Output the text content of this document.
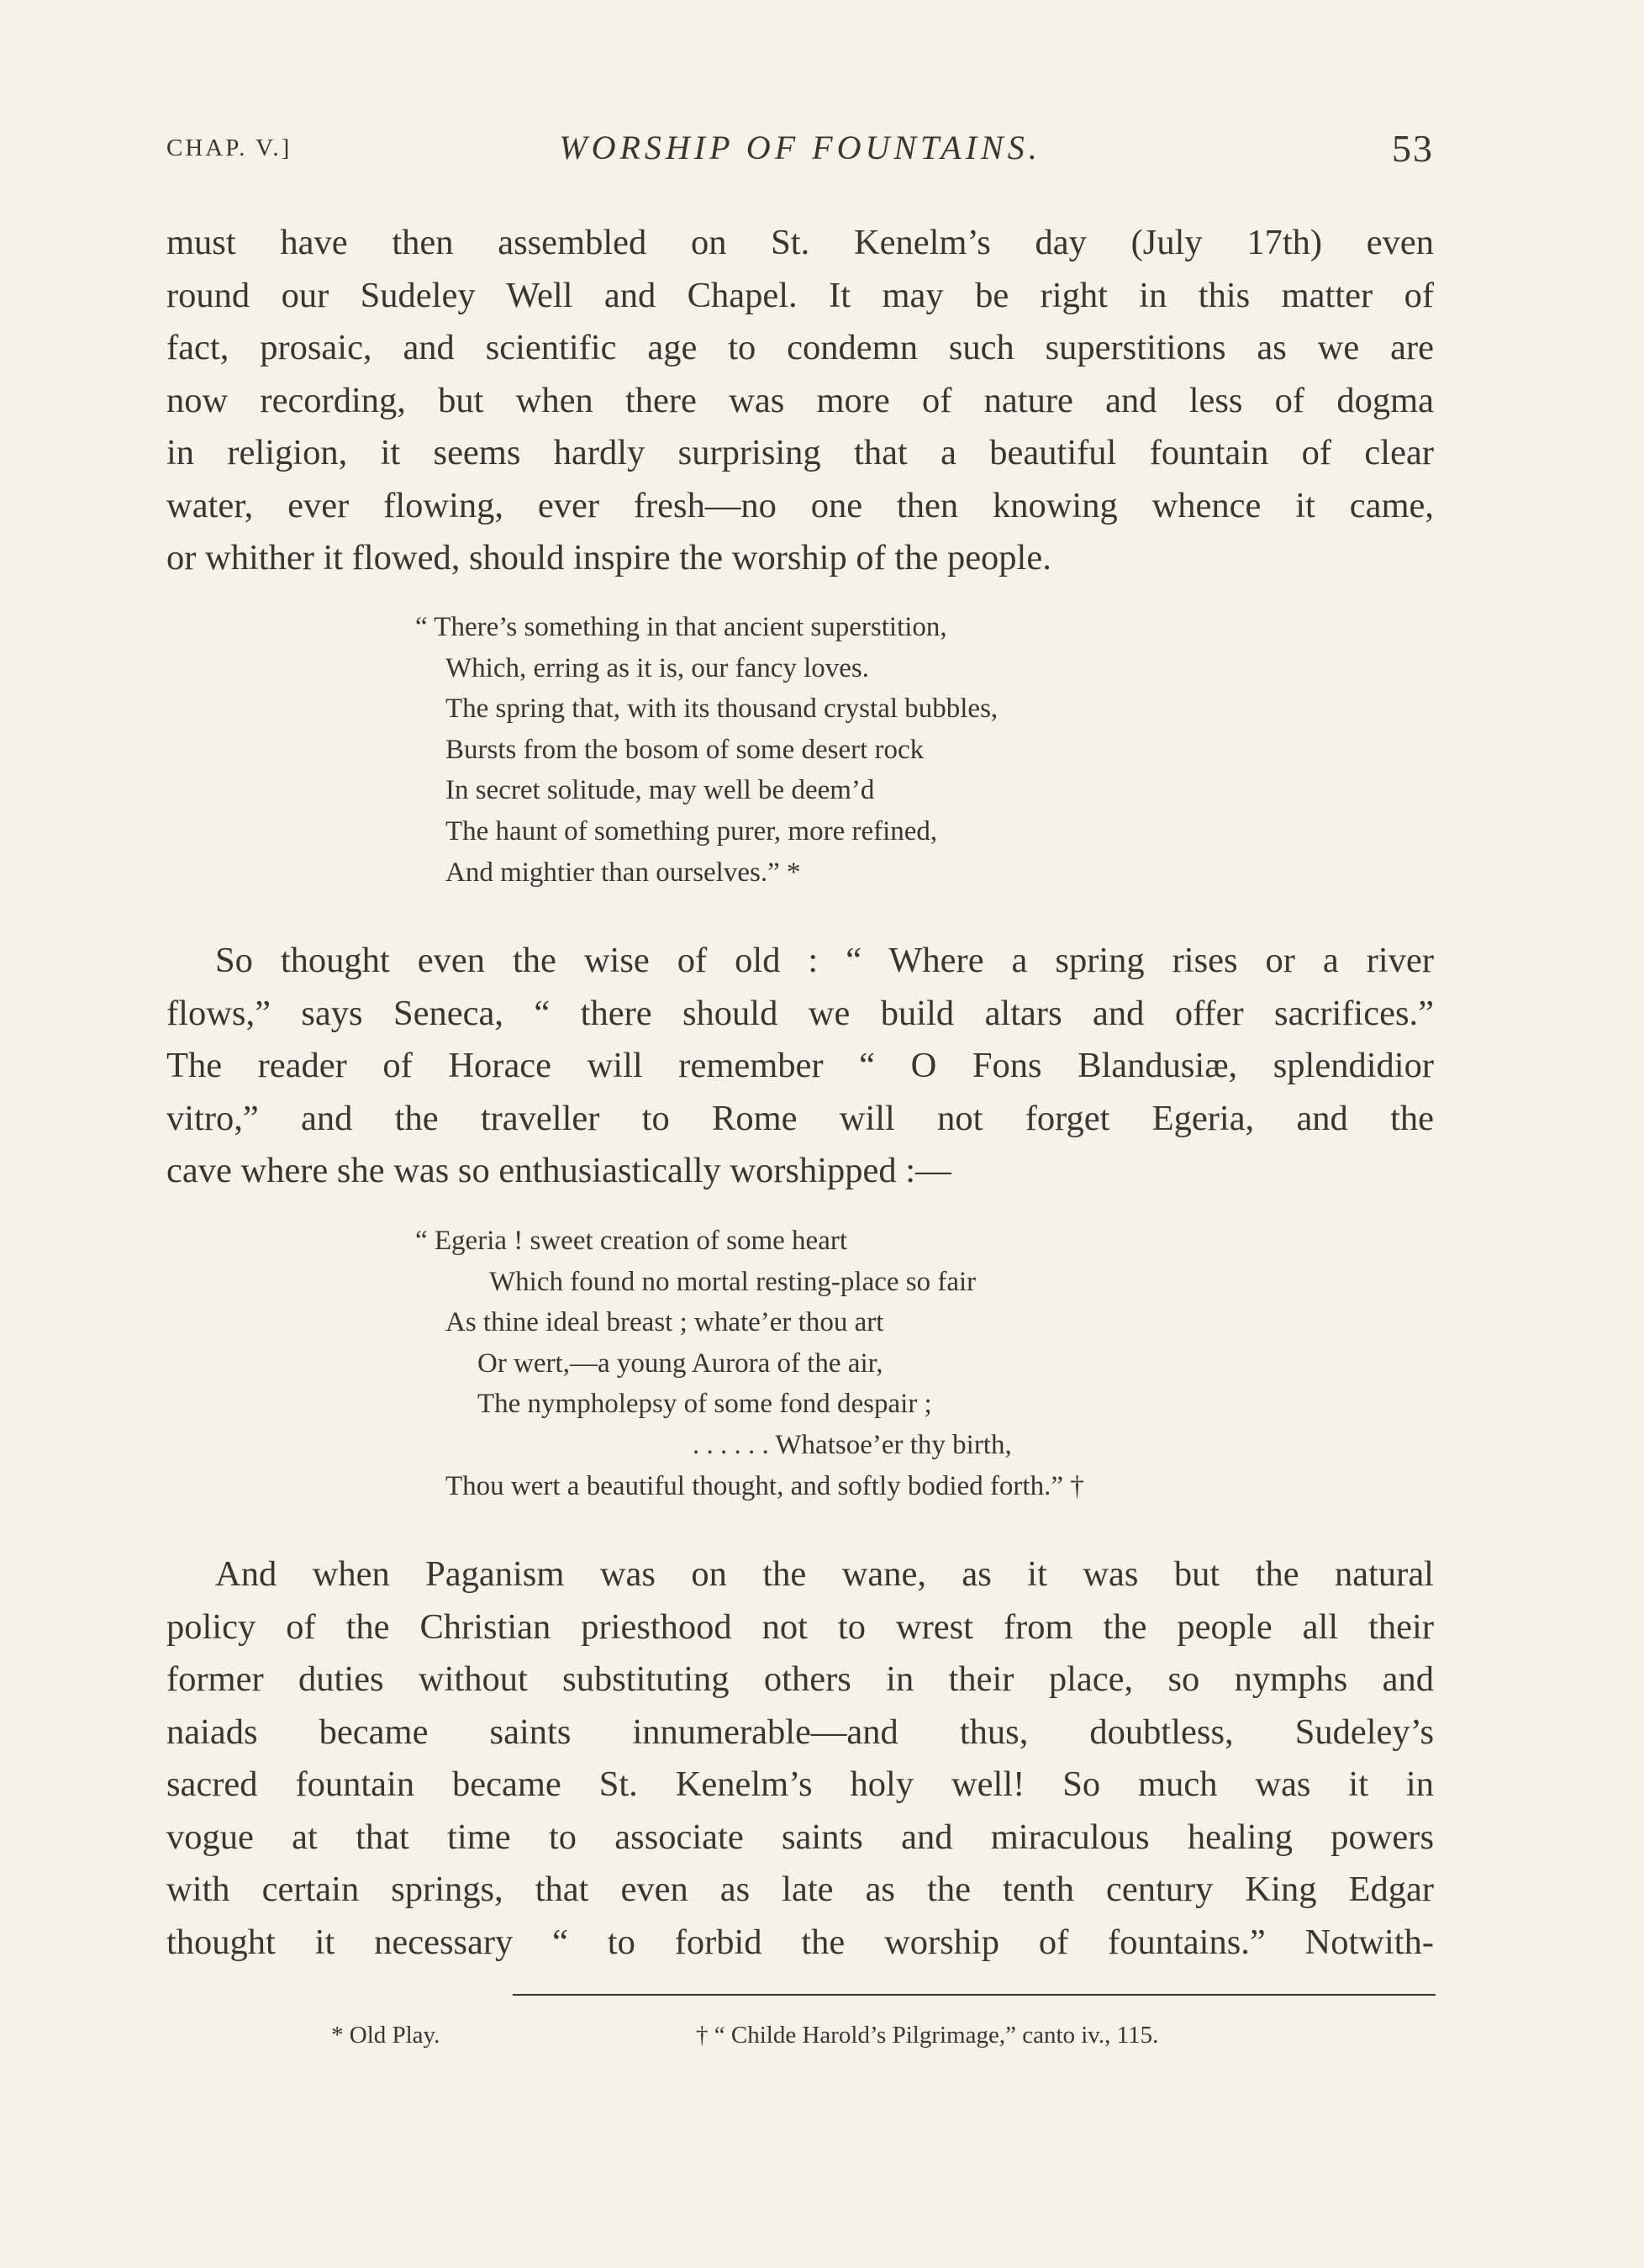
CHAP. V.]	WORSHIP OF FOUNTAINS.	53

must have then assembled on St. Kenelm’s day (July 17th) even
round our Sudeley Well and Chapel. It may be right in this matter of
fact, prosaic, and scientific age to condemn such superstitions as we are
now recording, but when there was more of nature and less of dogma
in religion, it seems hardly surprising that a beautiful fountain of clear
water, ever flowing, ever fresh—no one then knowing whence it came,
or whither it flowed, should inspire the worship of the people.

“ There’s something in that ancient superstition,
Which, erring as it is, our fancy loves.
The spring that, with its thousand crystal bubbles,
Bursts from the bosom of some desert rock
In secret solitude, may well be deem’d
The haunt of something purer, more refined,
And mightier than ourselves.” *

So thought even the wise of old : “ Where a spring rises or a river
flows,” says Seneca, “ there should we build altars and offer sacrifices.”
The reader of Horace will remember “ O Fons Blandusiæ, splendidior
vitro,” and the traveller to Rome will not forget Egeria, and the
cave where she was so enthusiastically worshipped :—

“ Egeria ! sweet creation of some heart
Which found no mortal resting-place so fair
As thine ideal breast ; whate’er thou art
Or wert,—a young Aurora of the air,
The nympholepsy of some fond despair ;
. . . . . . Whatsoe’er thy birth,
Thou wert a beautiful thought, and softly bodied forth.” †

And when Paganism was on the wane, as it was but the natural
policy of the Christian priesthood not to wrest from the people all their
former duties without substituting others in their place, so nymphs and
naiads became saints innumerable—and thus, doubtless, Sudeley’s
sacred fountain became St. Kenelm’s holy well! So much was it in
vogue at that time to associate saints and miraculous healing powers
with certain springs, that even as late as the tenth century King Edgar
thought it necessary “ to forbid the worship of fountains.” Notwith-

* Old Play.	† “ Childe Harold’s Pilgrimage,” canto iv., 115.
